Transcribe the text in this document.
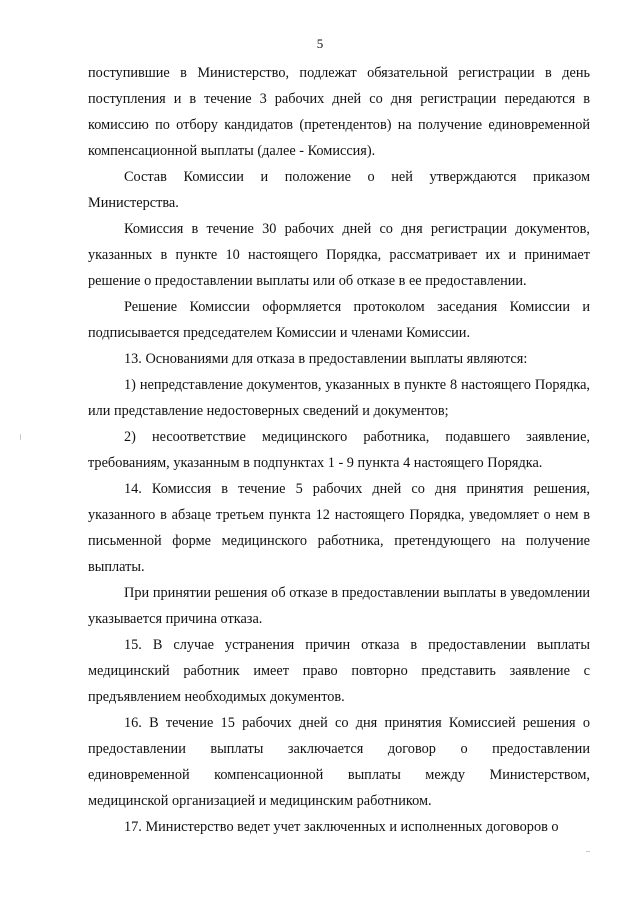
5

поступившие в Министерство, подлежат обязательной регистрации в день поступления и в течение 3 рабочих дней со дня регистрации передаются в комиссию по отбору кандидатов (претендентов) на получение единовременной компенсационной выплаты (далее - Комиссия).

Состав Комиссии и положение о ней утверждаются приказом Министерства.

Комиссия в течение 30 рабочих дней со дня регистрации документов, указанных в пункте 10 настоящего Порядка, рассматривает их и принимает решение о предоставлении выплаты или об отказе в ее предоставлении.

Решение Комиссии оформляется протоколом заседания Комиссии и подписывается председателем Комиссии и членами Комиссии.

13. Основаниями для отказа в предоставлении выплаты являются:

1) непредставление документов, указанных в пункте 8 настоящего Порядка, или представление недостоверных сведений и документов;

2) несоответствие медицинского работника, подавшего заявление, требованиям, указанным в подпунктах 1 - 9 пункта 4 настоящего Порядка.

14. Комиссия в течение 5 рабочих дней со дня принятия решения, указанного в абзаце третьем пункта 12 настоящего Порядка, уведомляет о нем в письменной форме медицинского работника, претендующего на получение выплаты.

При принятии решения об отказе в предоставлении выплаты в уведомлении указывается причина отказа.

15. В случае устранения причин отказа в предоставлении выплаты медицинский работник имеет право повторно представить заявление с предъявлением необходимых документов.

16. В течение 15 рабочих дней со дня принятия Комиссией решения о предоставлении выплаты заключается договор о предоставлении единовременной компенсационной выплаты между Министерством, медицинской организацией и медицинским работником.

17. Министерство ведет учет заключенных и исполненных договоров о
